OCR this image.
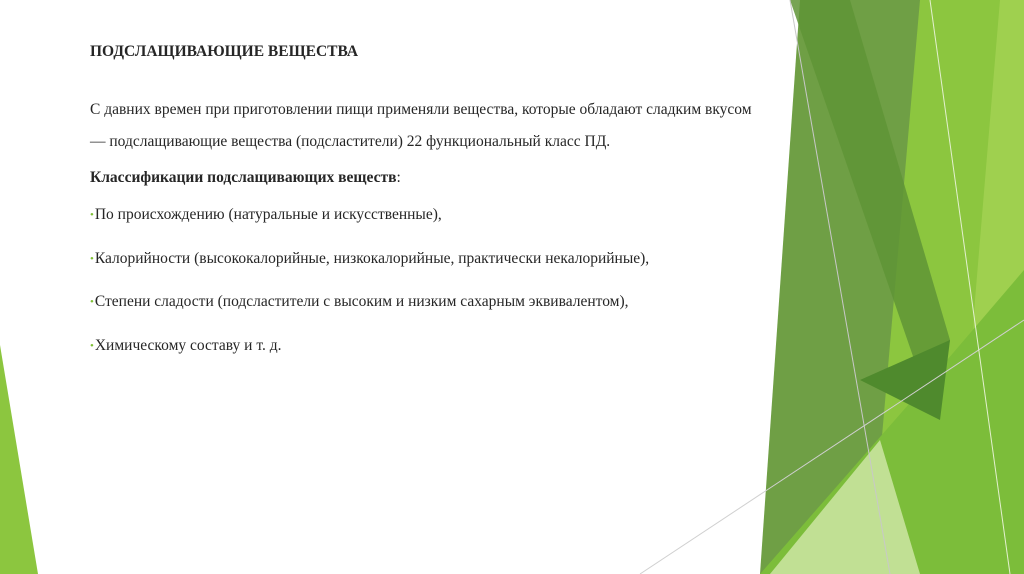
ПОДСЛАЩИВАЮЩИЕ ВЕЩЕСТВА

С давних времен при приготовлении пищи применяли вещества, которые обладают сладким вкусом

— подслащивающие вещества (подсластители) 22 функциональный класс ПД.

Классификации подслащивающих веществ:

•По происхождению (натуральные и искусственные),
•Калорийности (высококалорийные, низкокалорийные, практически некалорийные),
•Степени сладости (подсластители с высоким и низким сахарным эквивалентом),
•Химическому составу и т. д.
